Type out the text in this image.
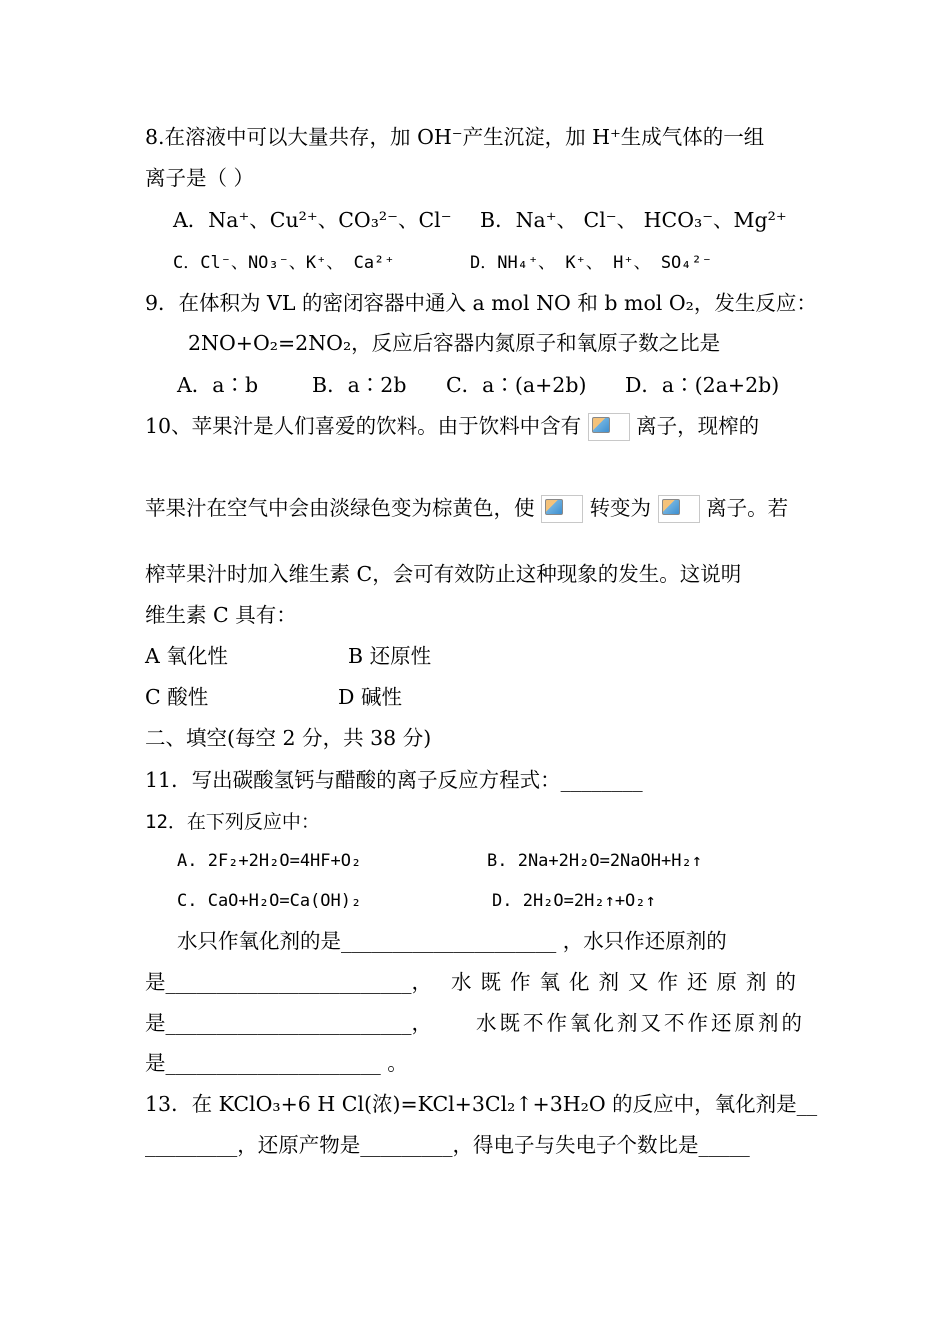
8.在溶液中可以大量共存，加 OH⁻产生沉淀，加 H⁺生成气体的一组
离子是（ ）
A．Na⁺、Cu²⁺、CO₃²⁻、Cl⁻ B．Na⁺、 Cl⁻、 HCO₃⁻、Mg²⁺
C．Cl⁻、NO₃⁻、K⁺、 Ca²⁺	D．NH₄⁺、 K⁺、 H⁺、 SO₄²⁻
9．在体积为 VL 的密闭容器中通入 a mol NO 和 b mol O₂，发生反应：
2NO+O₂=2NO₂，反应后容器内氮原子和氧原子数之比是
A．a∶b	B．a∶2b C．a∶(a+2b) D．a∶(2a+2b)
10、苹果汁是人们喜爱的饮料。由于饮料中含有	离子，现榨的
苹果汁在空气中会由淡绿色变为棕黄色，使	转变为	离子。若
榨苹果汁时加入维生素 C，会可有效防止这种现象的发生。这说明
维生素 C 具有：
A 氧化性	B 还原性
C 酸性	D 碱性
二、填空(每空 2 分，共 38 分)
11．写出碳酸氢钙与醋酸的离子反应方程式：________
12．在下列反应中：
A. 2F₂+2H₂O=4HF+O₂	B. 2Na+2H₂O=2NaOH+H₂↑
C. CaO+H₂O=Ca(OH)₂	D. 2H₂O=2H₂↑+O₂↑
水只作氧化剂的是_____________________ ，水只作还原剂的
是________________________， 水既作氧化剂又作还原剂的
是________________________， 水既不作氧化剂又不作还原剂的
是_____________________ 。
13．在 KClO₃+6 H Cl(浓)=KCl+3Cl₂↑+3H₂O 的反应中，氧化剂是__
_________，还原产物是_________，得电子与失电子个数比是_____
